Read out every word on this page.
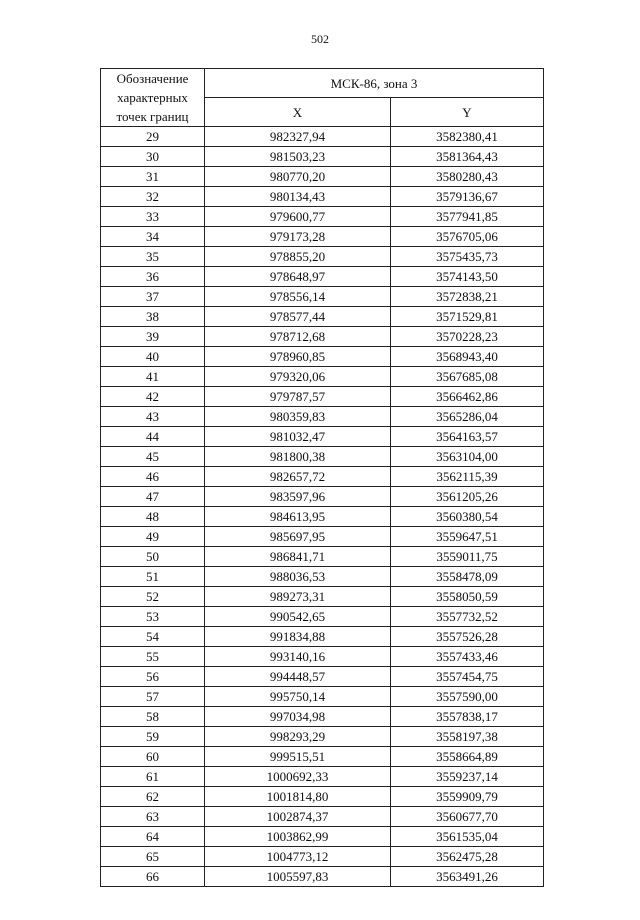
502
Обозначение характерных точек границ	МСК-86, зона 3	
	X	Y
29	982327,94	3582380,41
30	981503,23	3581364,43
31	980770,20	3580280,43
32	980134,43	3579136,67
33	979600,77	3577941,85
34	979173,28	3576705,06
35	978855,20	3575435,73
36	978648,97	3574143,50
37	978556,14	3572838,21
38	978577,44	3571529,81
39	978712,68	3570228,23
40	978960,85	3568943,40
41	979320,06	3567685,08
42	979787,57	3566462,86
43	980359,83	3565286,04
44	981032,47	3564163,57
45	981800,38	3563104,00
46	982657,72	3562115,39
47	983597,96	3561205,26
48	984613,95	3560380,54
49	985697,95	3559647,51
50	986841,71	3559011,75
51	988036,53	3558478,09
52	989273,31	3558050,59
53	990542,65	3557732,52
54	991834,88	3557526,28
55	993140,16	3557433,46
56	994448,57	3557454,75
57	995750,14	3557590,00
58	997034,98	3557838,17
59	998293,29	3558197,38
60	999515,51	3558664,89
61	1000692,33	3559237,14
62	1001814,80	3559909,79
63	1002874,37	3560677,70
64	1003862,99	3561535,04
65	1004773,12	3562475,28
66	1005597,83	3563491,26
